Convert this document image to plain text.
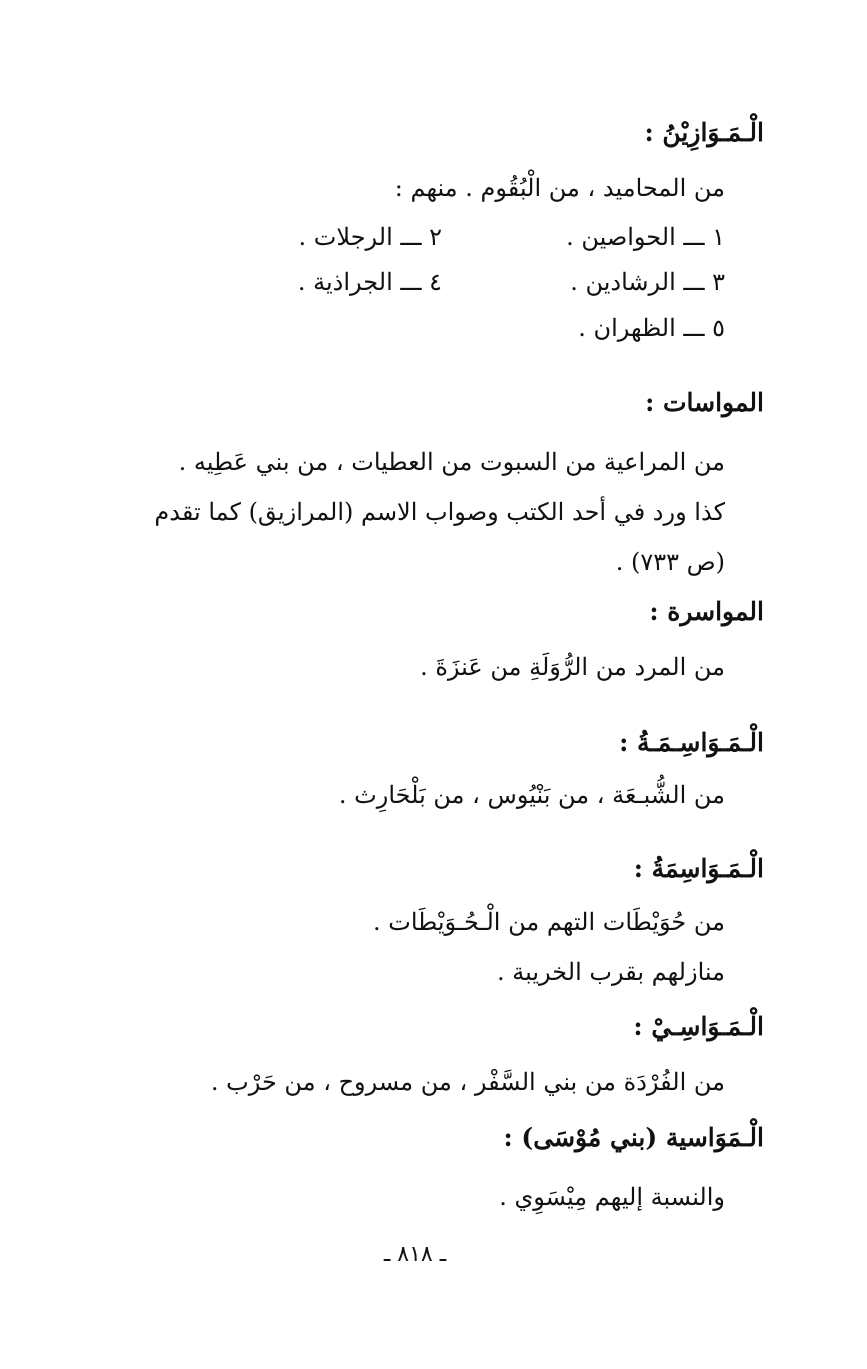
الْـمَـوَازِيْنُ :
من المحاميد ، من الْبُقُوم . منهم :
١ ـــ الحواصين .
٢ ـــ الرجلات .
٣ ـــ الرشادين .
٤ ـــ الجراذية .
٥ ـــ الظهران .
المواسات :
من المراعية من السبوت من العطيات ، من بني عَطِيه .
كذا ورد في أحد الكتب وصواب الاسم (المرازيق) كما تقدم
(ص ٧٣٣) .
المواسرة :
من المرد من الرُّوَلَةِ من عَنزَةَ .
الْـمَـوَاسِـمَـةُ :
من الشُّبـعَة ، من بَنْيُوس ، من بَلْحَارِث .
الْـمَـوَاسِمَةُ :
من حُوَيْطَات التهم من الْـحُـوَيْطَات .
منازلهم بقرب الخريبة .
الْـمَـوَاسِـيْ :
من الفُرْدَة من بني السَّفْر ، من مسروح ، من حَرْب .
الْـمَوَاسية (بني مُوْسَى) :
والنسبة إليهم مِيْسَوِي .
ـ ٨١٨ ـ
